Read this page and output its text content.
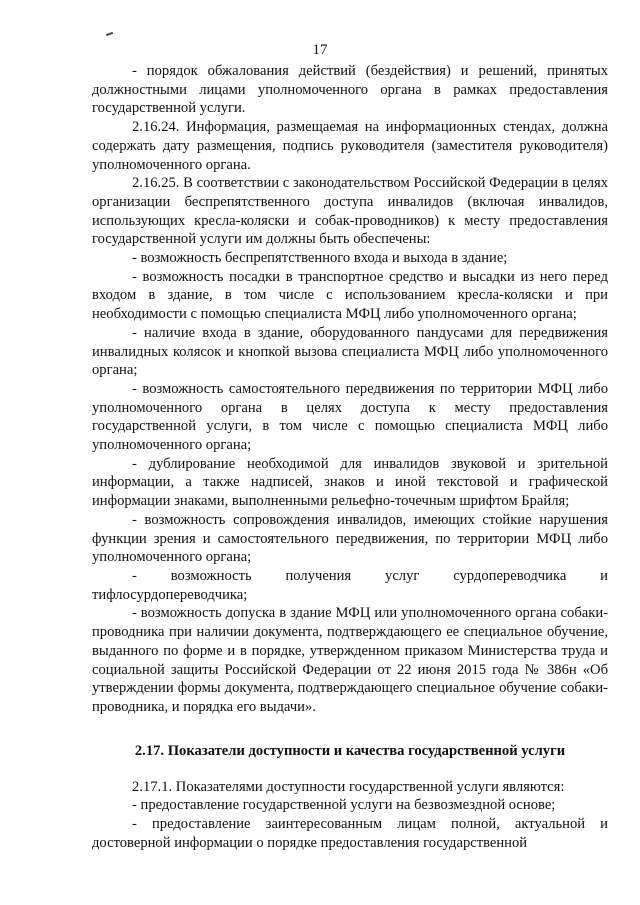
17

- порядок обжалования действий (бездействия) и решений, принятых должностными лицами уполномоченного органа в рамках предоставления государственной услуги.

2.16.24. Информация, размещаемая на информационных стендах, должна содержать дату размещения, подпись руководителя (заместителя руководителя) уполномоченного органа.

2.16.25. В соответствии с законодательством Российской Федерации в целях организации беспрепятственного доступа инвалидов (включая инвалидов, использующих кресла-коляски и собак-проводников) к месту предоставления государственной услуги им должны быть обеспечены:

- возможность беспрепятственного входа и выхода в здание;

- возможность посадки в транспортное средство и высадки из него перед входом в здание, в том числе с использованием кресла-коляски и при необходимости с помощью специалиста МФЦ либо уполномоченного органа;

- наличие входа в здание, оборудованного пандусами для передвижения инвалидных колясок и кнопкой вызова специалиста МФЦ либо уполномоченного органа;

- возможность самостоятельного передвижения по территории МФЦ либо уполномоченного органа в целях доступа к месту предоставления государственной услуги, в том числе с помощью специалиста МФЦ либо уполномоченного органа;

- дублирование необходимой для инвалидов звуковой и зрительной информации, а также надписей, знаков и иной текстовой и графической информации знаками, выполненными рельефно-точечным шрифтом Брайля;

- возможность сопровождения инвалидов, имеющих стойкие нарушения функции зрения и самостоятельного передвижения, по территории МФЦ либо уполномоченного органа;

- возможность получения услуг сурдопереводчика и тифлосурдопереводчика;

- возможность допуска в здание МФЦ или уполномоченного органа собаки-проводника при наличии документа, подтверждающего ее специальное обучение, выданного по форме и в порядке, утвержденном приказом Министерства труда и социальной защиты Российской Федерации от 22 июня 2015 года № 386н «Об утверждении формы документа, подтверждающего специальное обучение собаки-проводника, и порядка его выдачи».

2.17. Показатели доступности и качества государственной услуги

2.17.1. Показателями доступности государственной услуги являются:

- предоставление государственной услуги на безвозмездной основе;

- предоставление заинтересованным лицам полной, актуальной и достоверной информации о порядке предоставления государственной
